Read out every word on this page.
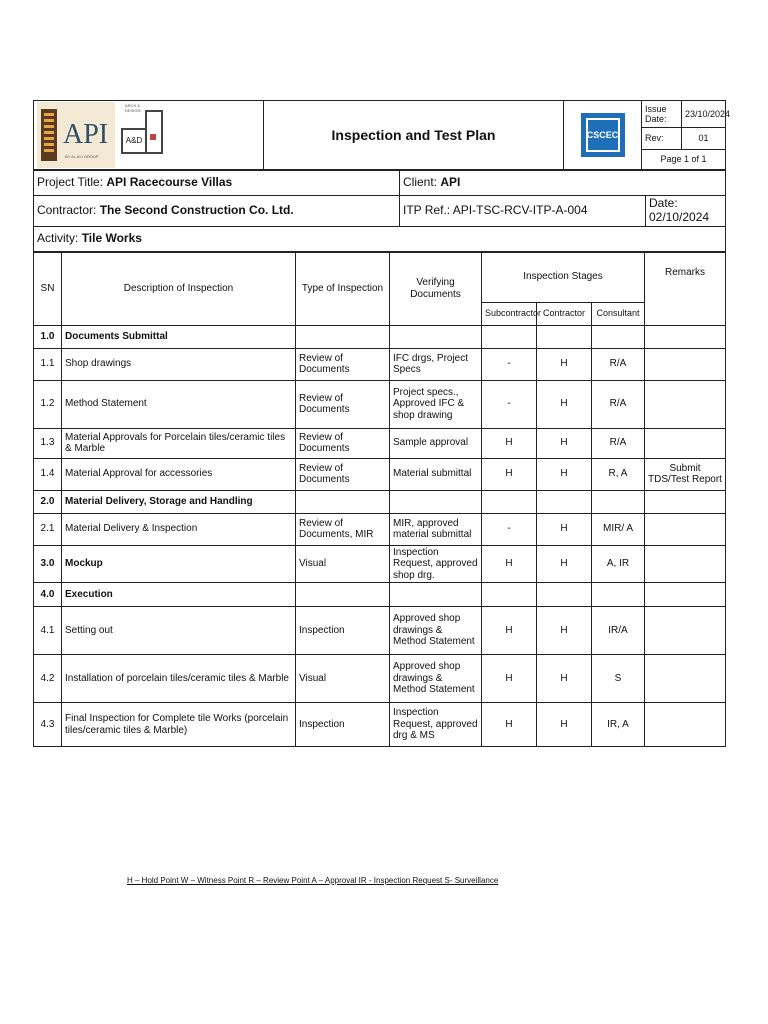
API
BY AL ALI GROUP
ARCH & DESIGN
A&D	Inspection and Test Plan	CSCEC	Issue Date:	23/10/2024
			Rev:	01
			Page 1 of 1	
Project Title: API Racecourse Villas	Client: API	
Contractor: The Second Construction Co. Ltd.	ITP Ref.: API-TSC-RCV-ITP-A-004	Date: 02/10/2024
Activity: Tile Works		
SN	Description of Inspection	Type of Inspection	Verifying Documents	Inspection Stages			Remarks
				Subcontractor	Contractor	Consultant	
1.0	Documents Submittal						
1.1	Shop drawings	Review of Documents	IFC drgs, Project Specs	-	H	R/A	
1.2	Method Statement	Review of Documents	Project specs., Approved IFC & shop drawing	-	H	R/A	
1.3	Material Approvals for Porcelain tiles/ceramic tiles & Marble	Review of Documents	Sample approval	H	H	R/A	
1.4	Material Approval for accessories	Review of Documents	Material submittal	H	H	R, A	Submit TDS/Test Report
2.0	Material Delivery, Storage and Handling						
2.1	Material Delivery & Inspection	Review of Documents, MIR	MIR, approved material submittal	-	H	MIR/ A	
3.0	Mockup	Visual	Inspection Request, approved shop drg.	H	H	A, IR	
4.0	Execution						
4.1	Setting out	Inspection	Approved shop drawings & Method Statement	H	H	IR/A	
4.2	Installation of porcelain tiles/ceramic tiles & Marble	Visual	Approved shop drawings & Method Statement	H	H	S	
4.3	Final Inspection for Complete tile Works (porcelain tiles/ceramic tiles & Marble)	Inspection	Inspection Request, approved drg & MS	H	H	IR, A	
H – Hold Point W – Witness Point R – Review Point A – Approval IR - Inspection Request S- Surveillance
